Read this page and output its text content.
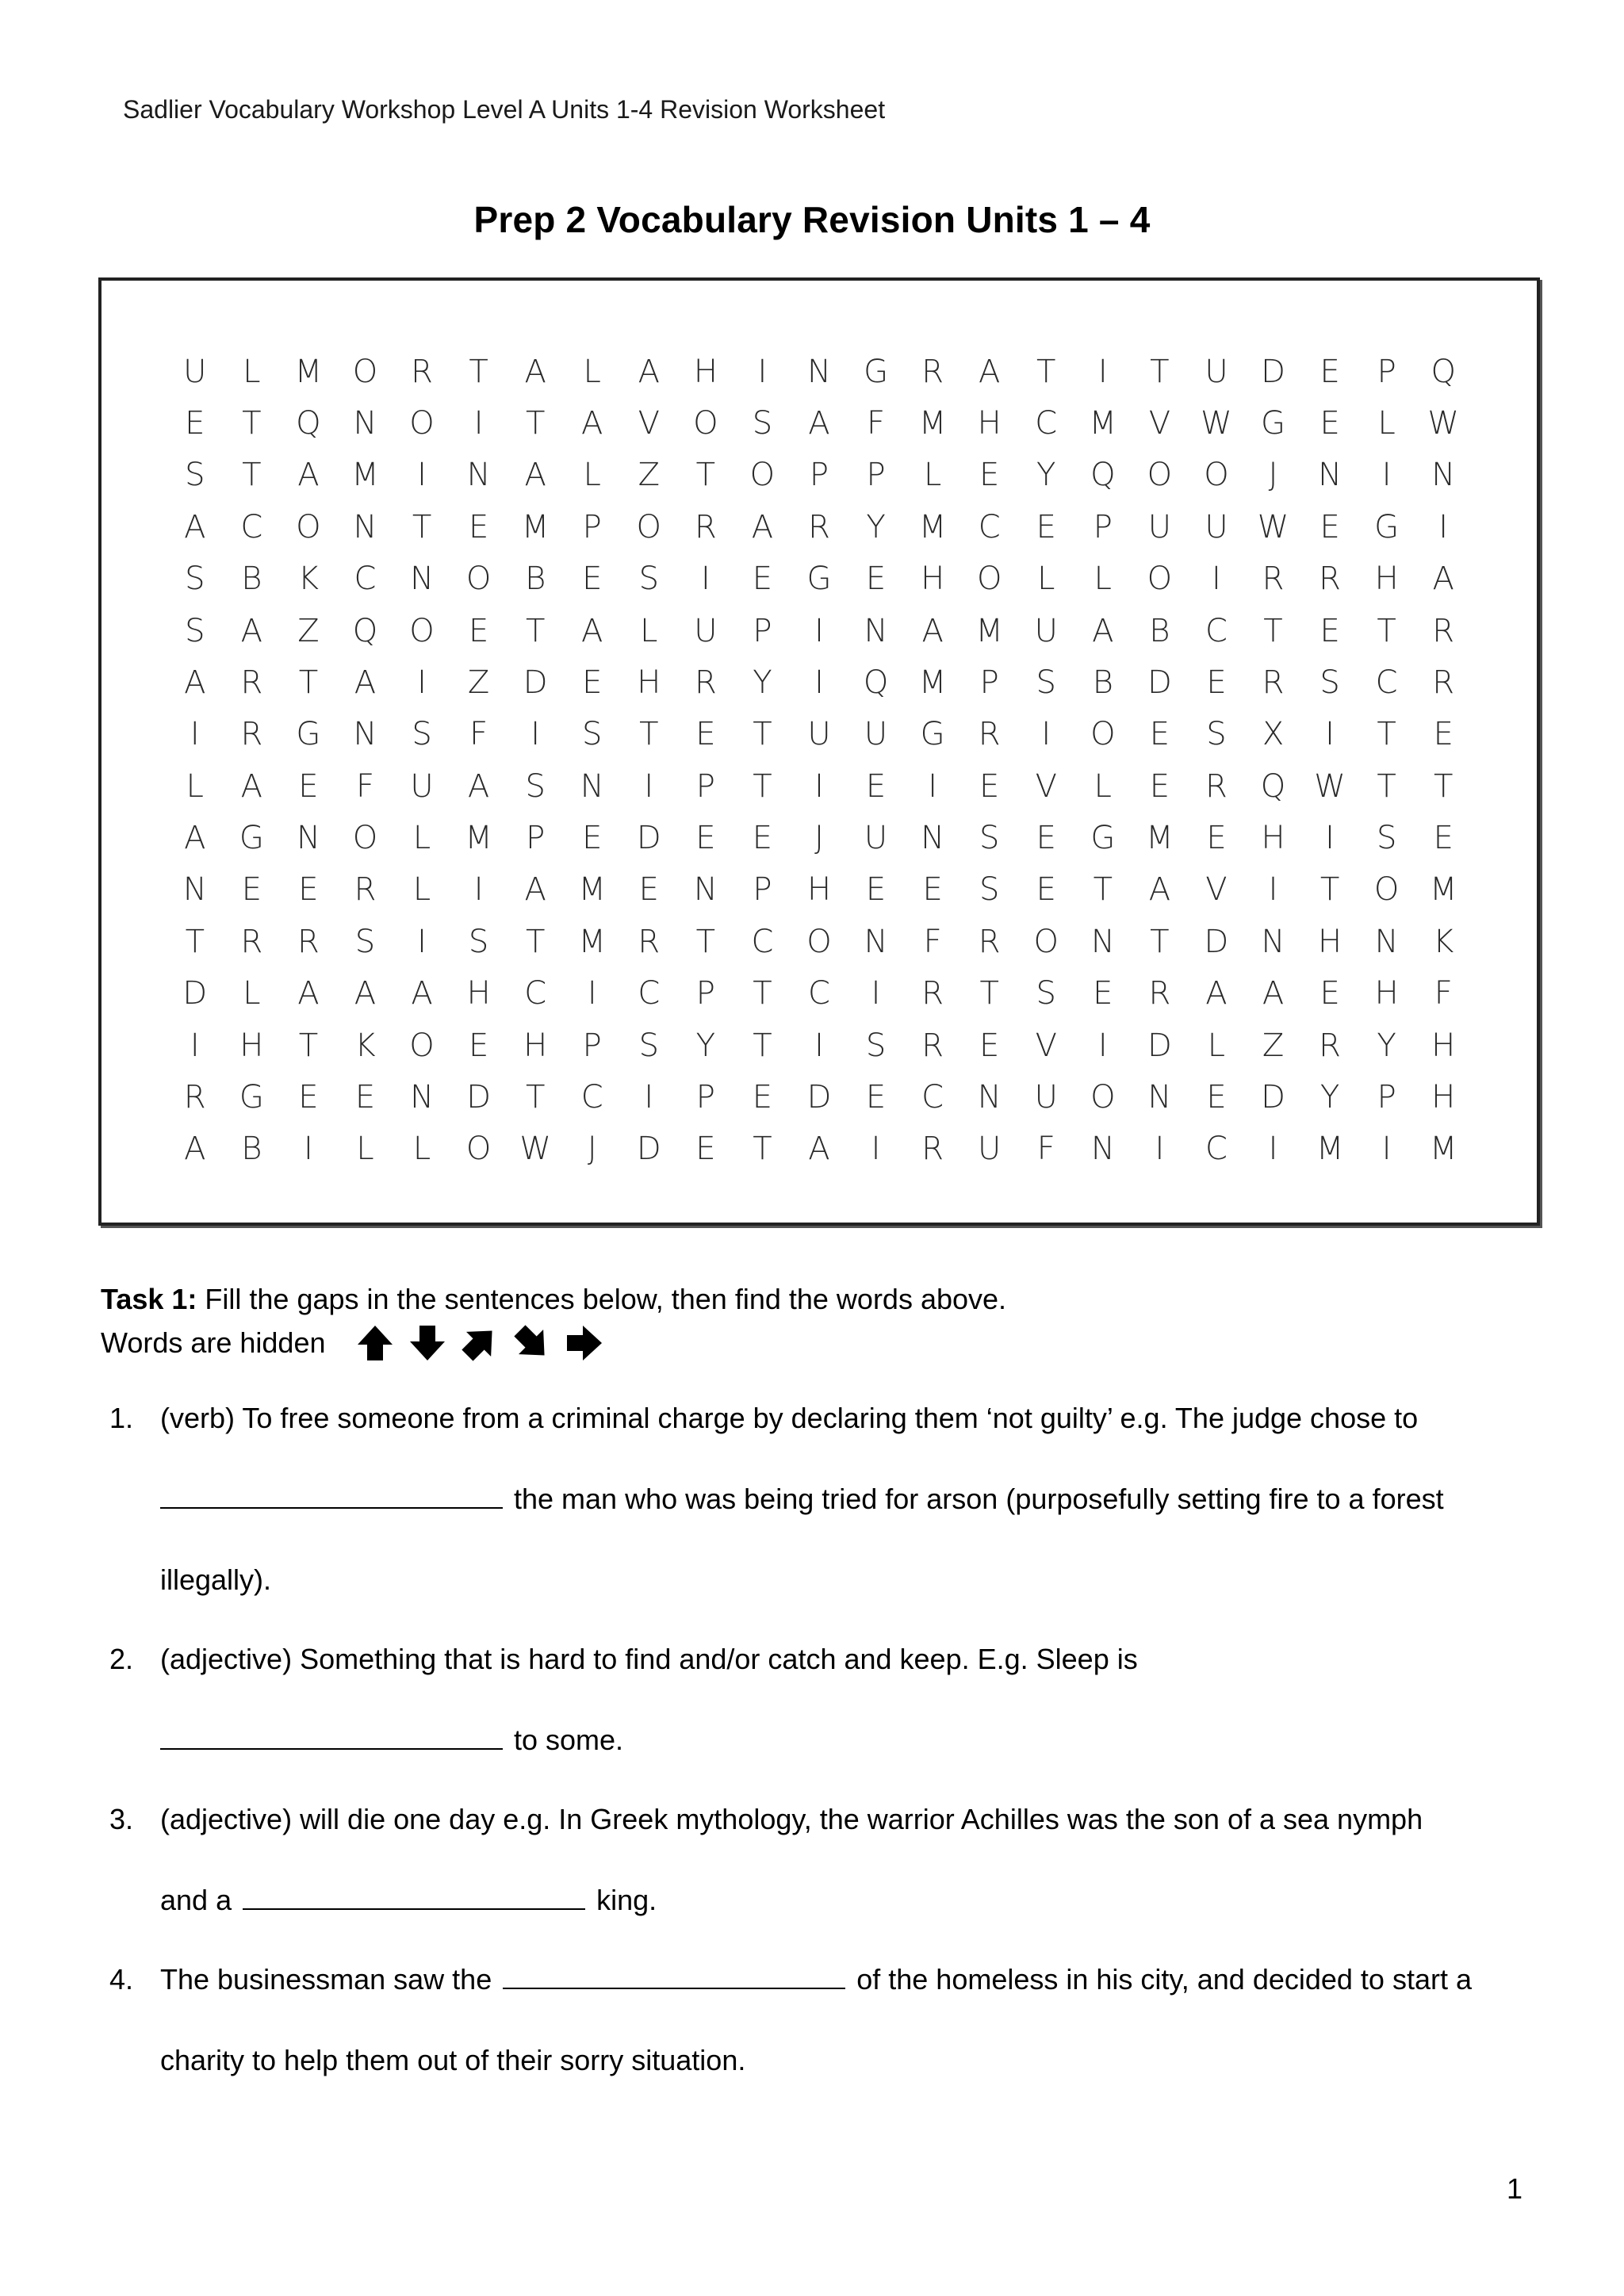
Sadlier Vocabulary Workshop Level A Units 1-4 Revision Worksheet
Prep 2 Vocabulary Revision Units 1 – 4
U	L	M O	R	T	A	L	A	H	I	N	G	R	A	T	I	T	U	D	E	P	Q
E	T	Q	N	O	I	T	A	V	O	S	A	F	M H	C	M	V W G	E	L	W
S	T	A	M	I	N	A	L	Z	T	O	P	P	L	E	Y	Q	O	O	J	N	I	N
A	C	O	N	T	E	M	P	O	R	A	R	Y	M	C	E	P	U	U W E	G	I
S	B	K	C	N	O	B	E	S	I	E	G	E	H	O	L	L	O	I	R	R	H	A
S	A	Z	Q	O	E	T	A	L	U	P	I	N	A	M U	A	B	C	T	E	T	R
A	R	T	A	I	Z	D	E	H	R	Y	I	Q M	P	S	B	D	E	R	S	C	R
I	R	G	N	S	F	I	S	T	E	T	U	U	G	R	I	O	E	S	X	I	T	E
L	A	E	F	U	A	S	N	I	P	T	I	E	I	E	V	L	E	R	Q W T	T
A	G	N	O	L	M	P	E	D	E	E	J	U	N	S	E	G M	E	H	I	S	E
N	E	E	R	L	I	A	M	E	N	P	H	E	E	S	E	T	A	V	I	T	O M
T	R	R	S	I	S	T	M	R	T	C	O	N	F	R	O	N	T	D	N	H	N	K
D	L	A	A	A	H	C	I	C	P	T	C	I	R	T	S	E	R	A	A	E	H	F
I	H	T	K	O	E	H	P	S	Y	T	I	S	R	E	V	I	D	L	Z	R	Y	H
R	G	E	E	N	D	T	C	I	P	E	D	E	C	N	U	O	N	E	D	Y	P	H
A	B	I	L	L	O W	J	D	E	T	A	I	R	U	F	N	I	C	I	M	I	M
Task 1: Fill the gaps in the sentences below, then find the words above.
Words are hidden
1. (verb) To free someone from a criminal charge by declaring them ‘not guilty’ e.g. The judge chose to
the man who was being tried for arson (purposefully setting fire to a forest
illegally).
2. (adjective) Something that is hard to find and/or catch and keep. E.g. Sleep is
to some.
3. (adjective) will die one day e.g. In Greek mythology, the warrior Achilles was the son of a sea nymph
and a	king.
4. The businessman saw the	of the homeless in his city, and decided to start a
charity to help them out of their sorry situation.
1
